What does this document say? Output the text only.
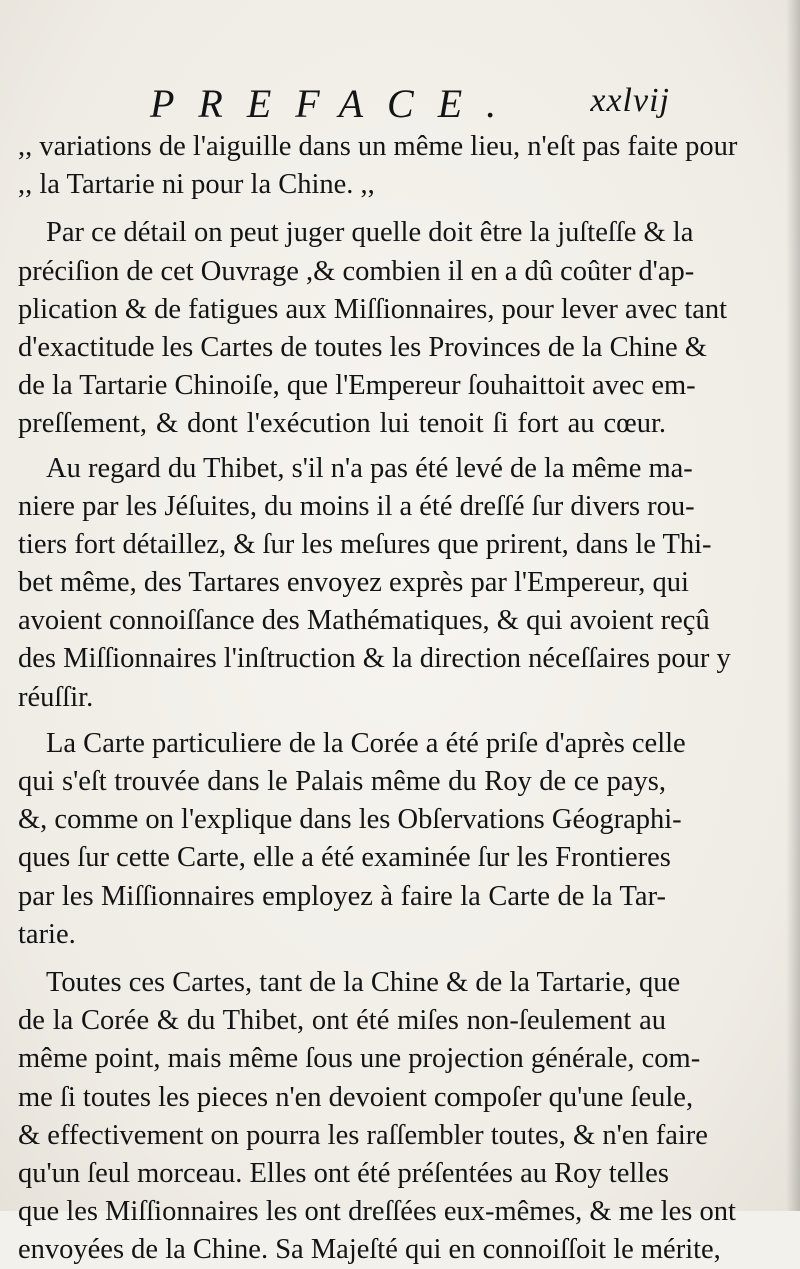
PREFACE. xxlvij
,, variations de l'aiguille dans un même lieu, n'eſt pas faite pour
,, la Tartarie ni pour la Chine. ,,
Par ce détail on peut juger quelle doit être la juſteſſe & la
préciſion de cet Ouvrage ,& combien il en a dû coûter d'ap-
plication & de fatigues aux Miſſionnaires, pour lever avec tant
d'exactitude les Cartes de toutes les Provinces de la Chine &
de la Tartarie Chinoiſe, que l'Empereur ſouhaittoit avec em-
preſſement, & dont l'exécution lui tenoit ſi fort au cœur.
Au regard du Thibet, s'il n'a pas été levé de la même ma-
niere par les Jéſuites, du moins il a été dreſſé ſur divers rou-
tiers fort détaillez, & ſur les meſures que prirent, dans le Thi-
bet même, des Tartares envoyez exprès par l'Empereur, qui
avoient connoiſſance des Mathématiques, & qui avoient reçû
des Miſſionnaires l'inſtruction & la direction néceſſaires pour y
réuſſir.
La Carte particuliere de la Corée a été priſe d'après celle
qui s'eſt trouvée dans le Palais même du Roy de ce pays,
&, comme on l'explique dans les Obſervations Géographi-
ques ſur cette Carte, elle a été examinée ſur les Frontieres
par les Miſſionnaires employez à faire la Carte de la Tar-
tarie.
Toutes ces Cartes, tant de la Chine & de la Tartarie, que
de la Corée & du Thibet, ont été miſes non-ſeulement au
même point, mais même ſous une projection générale, com-
me ſi toutes les pieces n'en devoient compoſer qu'une ſeule,
& effectivement on pourra les raſſembler toutes, & n'en faire
qu'un ſeul morceau. Elles ont été préſentées au Roy telles
que les Miſſionnaires les ont dreſſées eux-mêmes, & me les ont
envoyées de la Chine. Sa Majeſté qui en connoiſſoit le mérite,
